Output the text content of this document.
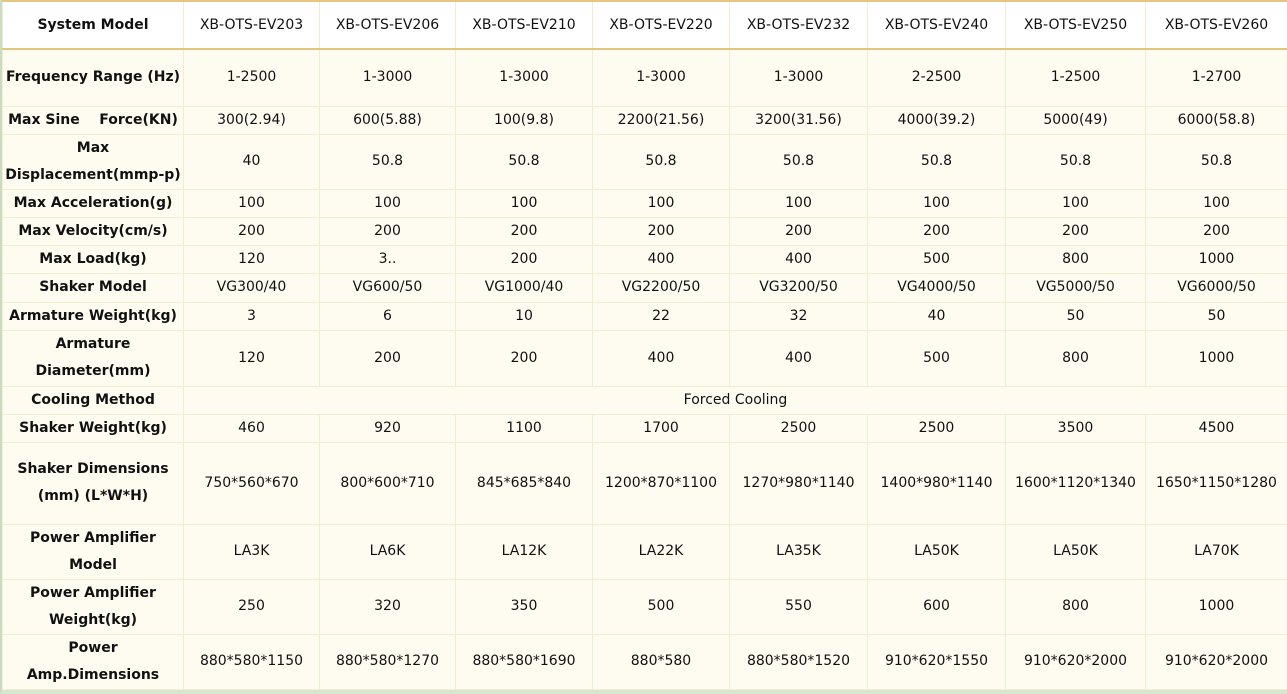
System Model	XB-OTS-EV203	XB-OTS-EV206	XB-OTS-EV210	XB-OTS-EV220	XB-OTS-EV232	XB-OTS-EV240	XB-OTS-EV250	XB-OTS-EV260
Frequency Range (Hz)	1-2500	1-3000	1-3000	1-3000	1-3000	2-2500	1-2500	1-2700
Max Sine    Force(KN)	300(2.94)	600(5.88)	100(9.8)	2200(21.56)	3200(31.56)	4000(39.2)	5000(49)	6000(58.8)
Max Displacement(mmp-p)	40	50.8	50.8	50.8	50.8	50.8	50.8	50.8
Max Acceleration(g)	100	100	100	100	100	100	100	100
Max Velocity(cm/s)	200	200	200	200	200	200	200	200
Max Load(kg)	120	3..	200	400	400	500	800	1000
Shaker Model	VG300/40	VG600/50	VG1000/40	VG2200/50	VG3200/50	VG4000/50	VG5000/50	VG6000/50
Armature Weight(kg)	3	6	10	22	32	40	50	50
Armature Diameter(mm)	120	200	200	400	400	500	800	1000
Cooling Method	Forced Cooling							
Shaker Weight(kg)	460	920	1100	1700	2500	2500	3500	4500
Shaker Dimensions (mm) (L*W*H)	750*560*670	800*600*710	845*685*840	1200*870*1100	1270*980*1140	1400*980*1140	1600*1120*1340	1650*1150*1280
Power Amplifier Model	LA3K	LA6K	LA12K	LA22K	LA35K	LA50K	LA50K	LA70K
Power Amplifier Weight(kg)	250	320	350	500	550	600	800	1000
Power Amp.Dimensions	880*580*1150	880*580*1270	880*580*1690	880*580	880*580*1520	910*620*1550	910*620*2000	910*620*2000
